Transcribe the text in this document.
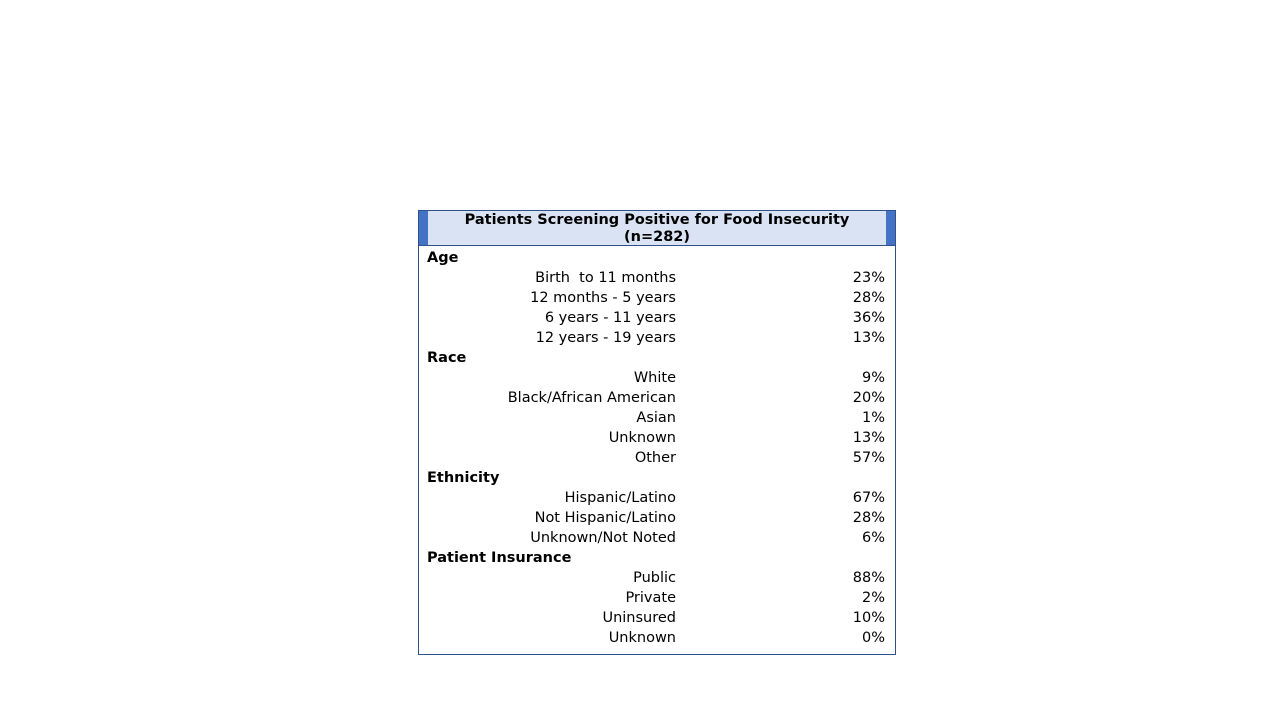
Patients Screening Positive for Food Insecurity
(n=282)
Age
Birth  to 11 months	23%
12 months - 5 years	28%
6 years - 11 years	36%
12 years - 19 years	13%
Race
White	9%
Black/African American	20%
Asian	1%
Unknown	13%
Other	57%
Ethnicity
Hispanic/Latino	67%
Not Hispanic/Latino	28%
Unknown/Not Noted	6%
Patient Insurance
Public	88%
Private	2%
Uninsured	10%
Unknown	0%
